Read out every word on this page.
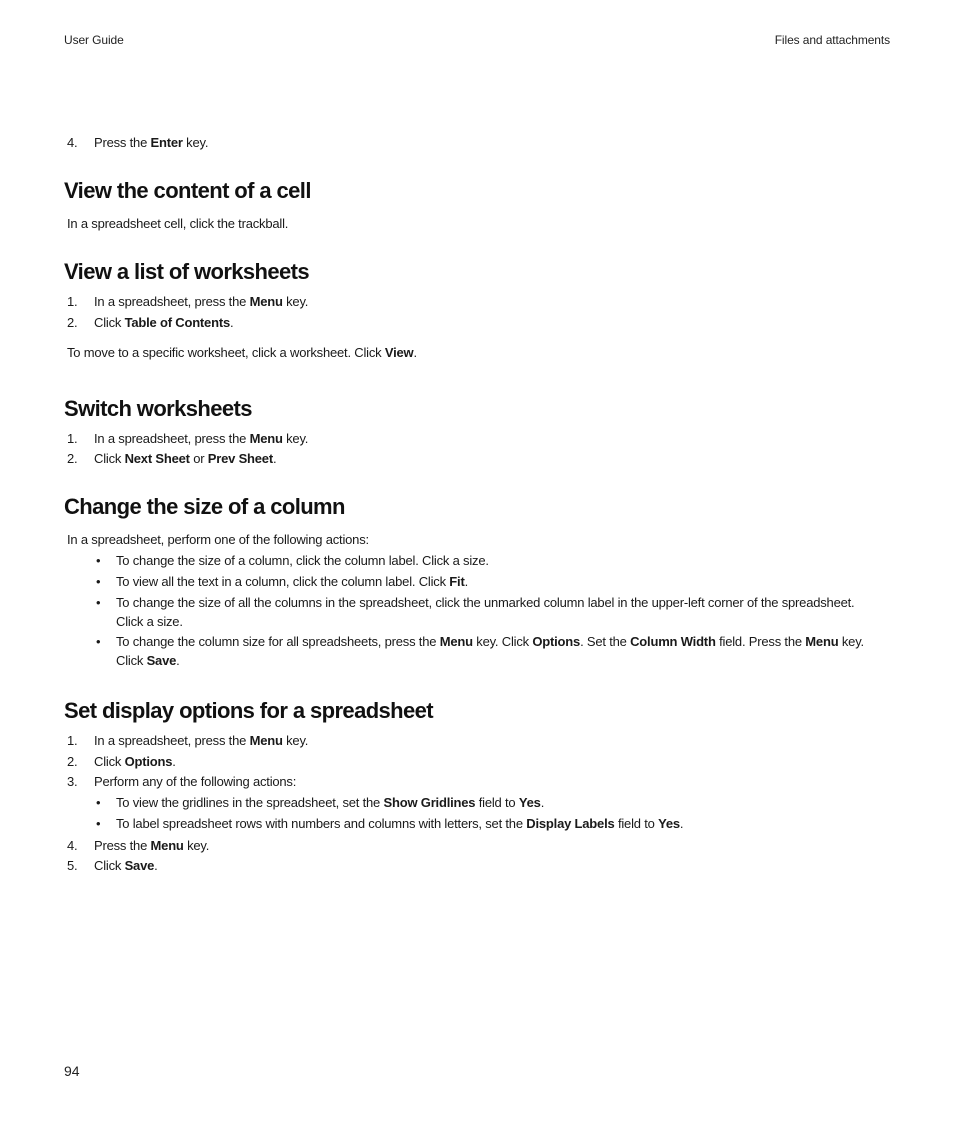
User Guide	Files and attachments
4. Press the Enter key.
View the content of a cell
In a spreadsheet cell, click the trackball.
View a list of worksheets
1. In a spreadsheet, press the Menu key.
2. Click Table of Contents.
To move to a specific worksheet, click a worksheet. Click View.
Switch worksheets
1. In a spreadsheet, press the Menu key.
2. Click Next Sheet or Prev Sheet.
Change the size of a column
In a spreadsheet, perform one of the following actions:
• To change the size of a column, click the column label. Click a size.
• To view all the text in a column, click the column label. Click Fit.
• To change the size of all the columns in the spreadsheet, click the unmarked column label in the upper-left corner of the spreadsheet.
Click a size.
• To change the column size for all spreadsheets, press the Menu key. Click Options. Set the Column Width field. Press the Menu key.
Click Save.
Set display options for a spreadsheet
1. In a spreadsheet, press the Menu key.
2. Click Options.
3. Perform any of the following actions:
• To view the gridlines in the spreadsheet, set the Show Gridlines field to Yes.
• To label spreadsheet rows with numbers and columns with letters, set the Display Labels field to Yes.
4. Press the Menu key.
5. Click Save.
94
